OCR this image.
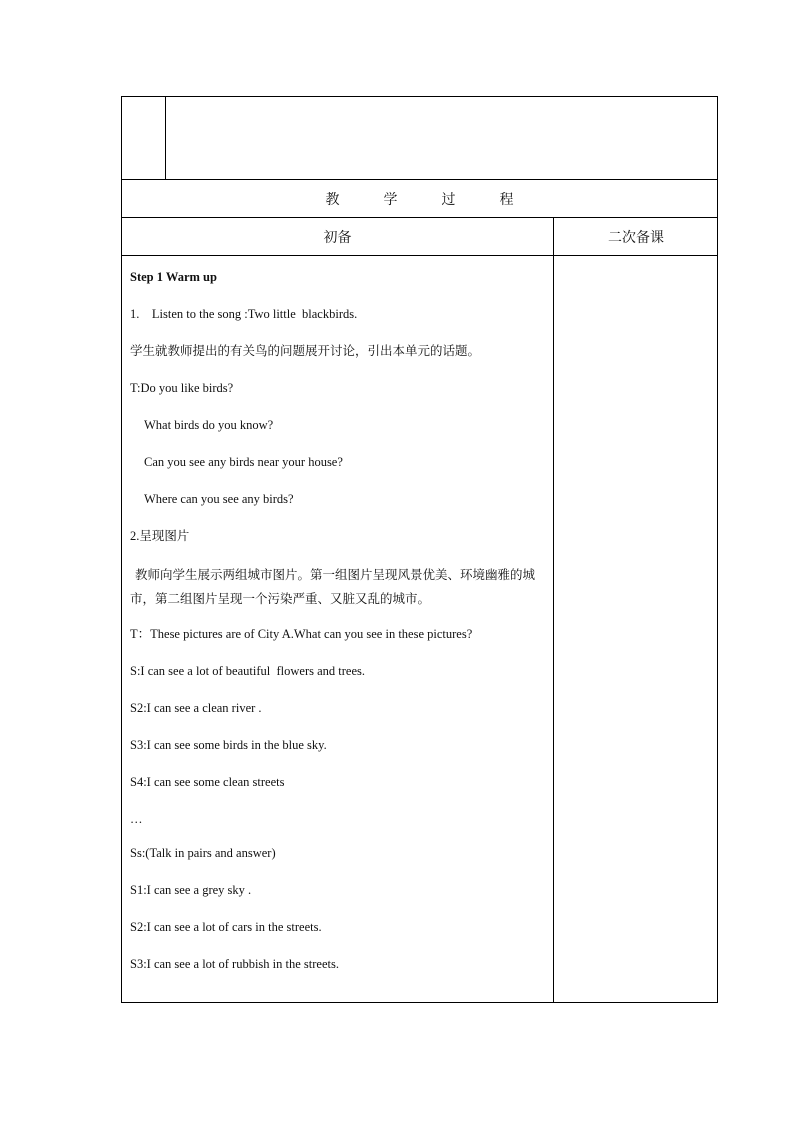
教	学	过	程
初备	二次备课

Step 1 Warm up

1.    Listen to the song :Two little  blackbirds.

学生就教师提出的有关鸟的问题展开讨论，引出本单元的话题。

T:Do you like birds?

What birds do you know?

Can you see any birds near your house?

Where can you see any birds?

2.呈现图片

教师向学生展示两组城市图片。第一组图片呈现风景优美、环境幽雅的城市，第二组图片呈现一个污染严重、又脏又乱的城市。

T：These pictures are of City A.What can you see in these pictures?

S:I can see a lot of beautiful  flowers and trees.

S2:I can see a clean river .

S3:I can see some birds in the blue sky.

S4:I can see some clean streets

…

Ss:(Talk in pairs and answer)

S1:I can see a grey sky .

S2:I can see a lot of cars in the streets.

S3:I can see a lot of rubbish in the streets.
